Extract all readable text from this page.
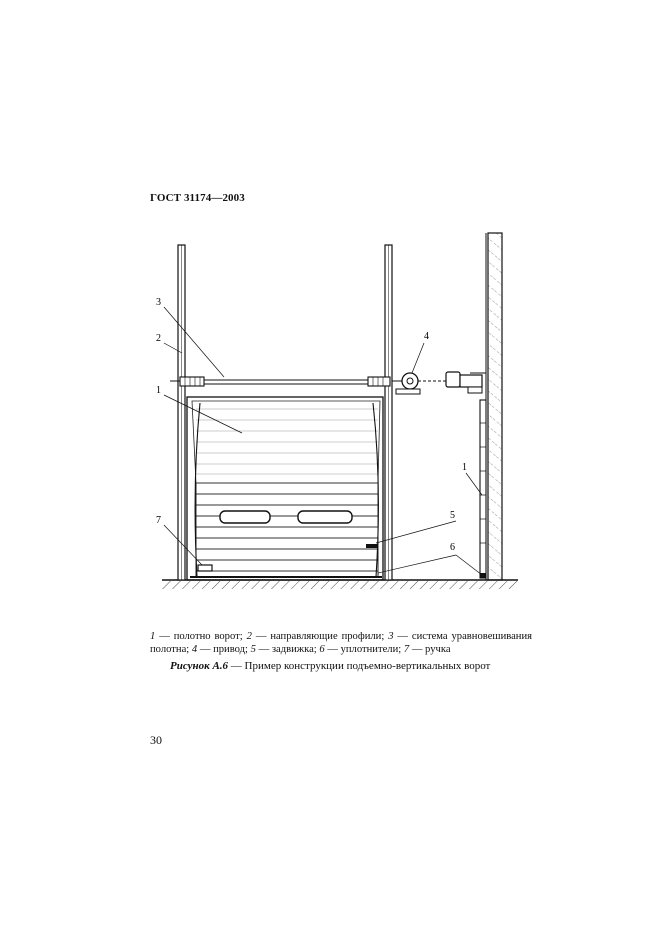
ГОСТ 31174—2003
3
2
1
4
1
5
6
7
1 — полотно ворот; 2 — направляющие профили; 3 — система уравновешивания полотна; 4 — привод; 5 — задвижка; 6 — уплотнители; 7 — ручка
Рисунок А.6 — Пример конструкции подъемно-вертикальных ворот
30
